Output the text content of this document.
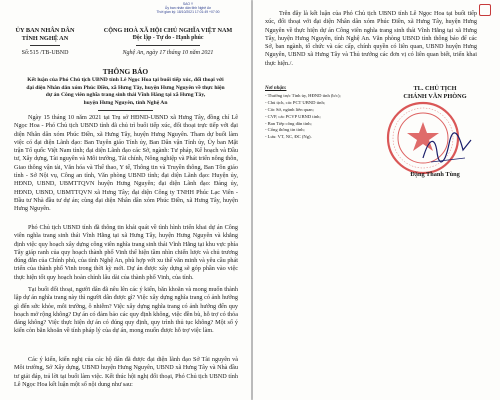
SAO Y
Ủy ban nhân dân tỉnh Nghệ An
Thời gian ký: 18/10/2021 17:01:49 +07:00
ỦY BAN NHÂN DÂN
TỈNH NGHỆ AN
Số:515 /TB-UBND
CỘNG HOÀ XÃ HỘI CHỦ NGHĨA VIỆT NAM
Độc lập - Tự do - Hạnh phúc
Nghệ An, ngày 17 tháng 10 năm 2021
THÔNG BÁO
Kết luận của Phó Chủ tịch UBND tỉnh Lê Ngọc Hoa tại buổi tiếp xúc, đối thoại với
đại diện Nhân dân xóm Phúc Điền, xã Hưng Tây, huyện Hưng Nguyên về thực hiện
dự án Công viên nghĩa trang sinh thái Vĩnh Hằng tại xã Hưng Tây,
huyện Hưng Nguyên, tỉnh Nghệ An

Ngày 15 tháng 10 năm 2021 tại Trụ sở HĐND-UBND xã Hưng Tây, đồng chí Lê Ngọc Hoa - Phó Chủ tịch UBND tỉnh đã chủ trì buổi tiếp xúc, đối thoại trực tiếp với đại diện Nhân dân xóm Phúc Điền, xã Hưng Tây, huyện Hưng Nguyên. Tham dự buổi làm việc có đại diện Lãnh đạo: Ban Tuyên giáo Tỉnh ủy, Ban Dân vận Tỉnh ủy, Ủy ban Mặt trận Tổ quốc Việt Nam tỉnh; đại diện Lãnh đạo các Sở, ngành: Tư pháp, Kế hoạch và Đầu tư, Xây dựng, Tài nguyên và Môi trường, Tài chính, Nông nghiệp và Phát triển nông thôn, Giao thông vận tải, Văn hóa và Thể thao, Y tế, Thông tin và Truyền thông, Ban Tôn giáo tỉnh - Sở Nội vụ, Công an tỉnh, Văn phòng UBND tỉnh; đại diện Lãnh đạo: Huyện ủy, HĐND, UBND, UBMTTQVN huyện Hưng Nguyên; đại diện Lãnh đạo: Đảng ủy, HĐND, UBND, UBMTTQVN xã Hưng Tây; đại diện Công ty TNHH Phúc Lạc Viên - Đầu tư Nhà đầu tư dự án; cùng đại diện Nhân dân xóm Phúc Điền, xã Hưng Tây, huyện Hưng Nguyên.

Phó Chủ tịch UBND tỉnh đã thông tin khái quát về tình hình triển khai dự án Công viên nghĩa trang sinh thái Vĩnh Hằng tại xã Hưng Tây, huyện Hưng Nguyên và khẳng định việc quy hoạch xây dựng công viên nghĩa trang sinh thái Vĩnh Hằng tại khu vực phía Tây giáp ranh của quy hoạch thành phố Vinh thể hiện tầm nhìn chiến lược và chủ trương đúng đắn của Chính phủ, của tỉnh Nghệ An, phù hợp với xu thế văn minh và yêu cầu phát triển của thành phố Vinh trong thời kỳ mới. Dự án được xây dựng sẽ góp phần vào việc thực hiện tốt quy hoạch hoàn chỉnh lâu dài của thành phố Vinh, của tỉnh.

Tại buổi đối thoại, người dân đã nêu lên các ý kiến, băn khoăn và mong muốn thành lập dự án nghĩa trang này thì người dân được gì? Việc xây dựng nghĩa trang có ảnh hưởng gì đến sức khỏe, môi trường, ô nhiễm? Việc xây dựng nghĩa trang có ảnh hưởng đến quy hoạch mở rộng không? Dự án có đảm bảo các quy định không, việc đền bù, hỗ trợ có thỏa đáng không? Việc thực hiện dự án có đúng quy định, quy trình thủ tục không? Một số ý kiến còn băn khoăn về tính pháp lý của dự án, mong muốn được hỗ trợ việc làm.

Các ý kiến, kiến nghị của các hộ dân đã được đại diện lãnh đạo Sở Tài nguyên và Môi trường, Sở Xây dựng, UBND huyện Hưng Nguyên, UBND xã Hưng Tây và Nhà đầu tư giải đáp, trả lời tại buổi làm việc. Kết thúc hội nghị đối thoại, Phó Chủ tịch UBND tỉnh Lê Ngọc Hoa kết luận một số nội dung như sau:

Trên đây là kết luận của Phó Chủ tịch UBND tỉnh Lê Ngọc Hoa tại buổi tiếp xúc, đối thoại với đại diện Nhân dân xóm Phúc Điền, xã Hưng Tây, huyện Hưng Nguyên về thực hiện dự án Công viên nghĩa trang sinh thái Vĩnh Hằng tại xã Hưng Tây, huyện Hưng Nguyên, tỉnh Nghệ An. Văn phòng UBND tỉnh thông báo để các Sở, ban ngành, tổ chức và các cấp, chính quyền có liên quan, UBND huyện Hưng Nguyên, UBND xã Hưng Tây và Thủ trưởng các đơn vị có liên quan biết, triển khai thực hiện./.

Nơi nhận:
- Thường trực Tỉnh ủy, HĐND tỉnh (b/c);
- Chủ tịch, các PCT UBND tỉnh;
- Các Sở, ngành liên quan;
- CVP, các PCVP UBND tỉnh;
- Ban Tiếp công dân tỉnh;
- Cổng thông tin tỉnh;
- Lưu: VT, NC, ĐC (Ng).
TL. CHỦ TỊCH
CHÁNH VĂN PHÒNG
Đặng Thanh Tùng
